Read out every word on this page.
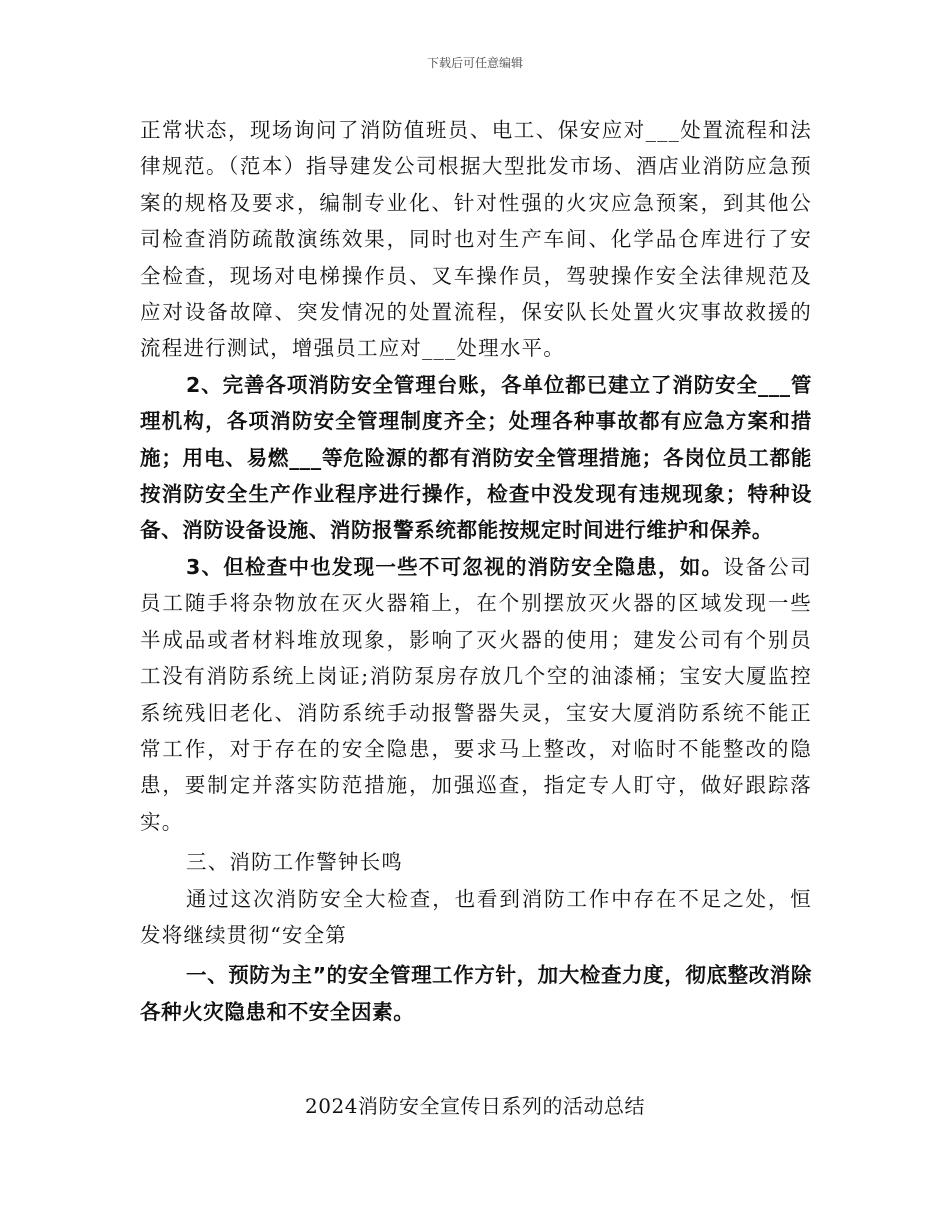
下载后可任意编辑

正常状态，现场询问了消防值班员、电工、保安应对___处置流程和法律规范。（范本）指导建发公司根据大型批发市场、酒店业消防应急预案的规格及要求，编制专业化、针对性强的火灾应急预案，到其他公司检查消防疏散演练效果，同时也对生产车间、化学品仓库进行了安全检查，现场对电梯操作员、叉车操作员，驾驶操作安全法律规范及应对设备故障、突发情况的处置流程，保安队长处置火灾事故救援的流程进行测试，增强员工应对___处理水平。

2、完善各项消防安全管理台账，各单位都已建立了消防安全___管理机构，各项消防安全管理制度齐全；处理各种事故都有应急方案和措施；用电、易燃___等危险源的都有消防安全管理措施；各岗位员工都能按消防安全生产作业程序进行操作，检查中没发现有违规现象；特种设备、消防设备设施、消防报警系统都能按规定时间进行维护和保养。

3、但检查中也发现一些不可忽视的消防安全隐患，如。设备公司员工随手将杂物放在灭火器箱上，在个别摆放灭火器的区域发现一些半成品或者材料堆放现象，影响了灭火器的使用；建发公司有个别员工没有消防系统上岗证;消防泵房存放几个空的油漆桶；宝安大厦监控系统残旧老化、消防系统手动报警器失灵，宝安大厦消防系统不能正常工作，对于存在的安全隐患，要求马上整改，对临时不能整改的隐患，要制定并落实防范措施，加强巡查，指定专人盯守，做好跟踪落实。

三、消防工作警钟长鸣

通过这次消防安全大检查，也看到消防工作中存在不足之处，恒发将继续贯彻“安全第

一、预防为主”的安全管理工作方针，加大检查力度，彻底整改消除各种火灾隐患和不安全因素。

2024消防安全宣传日系列的活动总结
